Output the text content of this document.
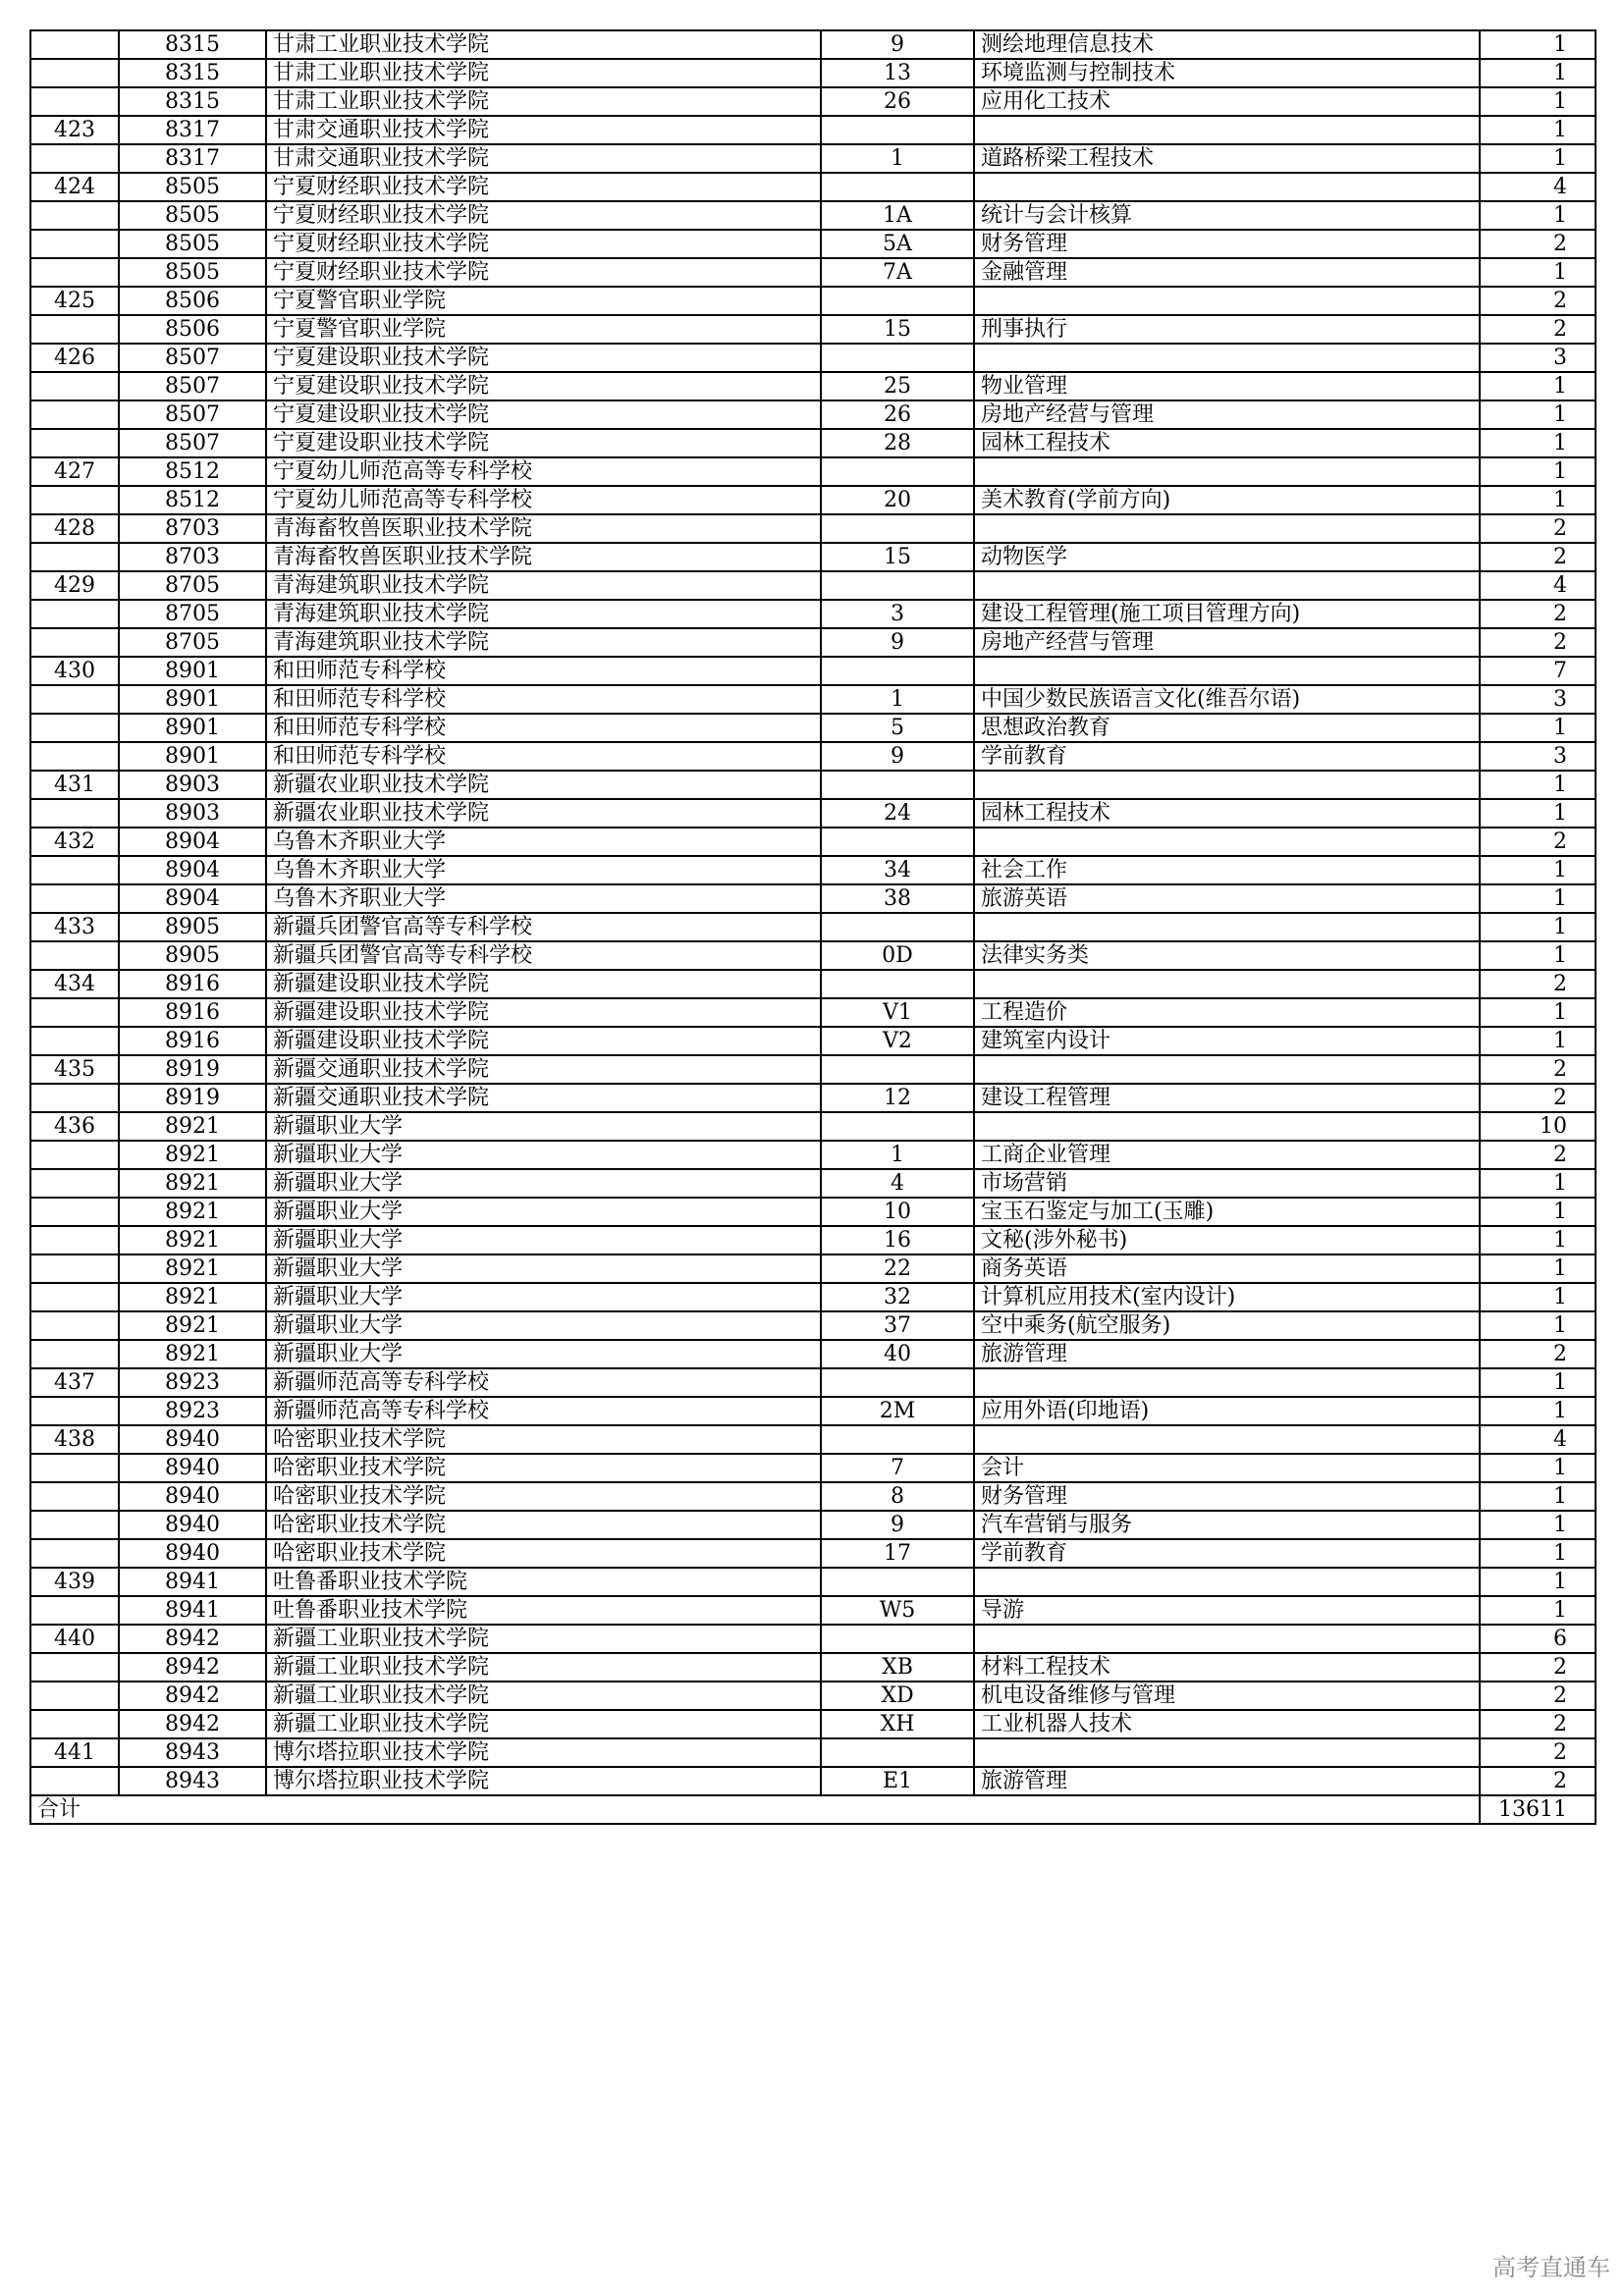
	8315	甘肃工业职业技术学院	9	测绘地理信息技术	1
	8315	甘肃工业职业技术学院	13	环境监测与控制技术	1
	8315	甘肃工业职业技术学院	26	应用化工技术	1
423	8317	甘肃交通职业技术学院			1
	8317	甘肃交通职业技术学院	1	道路桥梁工程技术	1
424	8505	宁夏财经职业技术学院			4
	8505	宁夏财经职业技术学院	1A	统计与会计核算	1
	8505	宁夏财经职业技术学院	5A	财务管理	2
	8505	宁夏财经职业技术学院	7A	金融管理	1
425	8506	宁夏警官职业学院			2
	8506	宁夏警官职业学院	15	刑事执行	2
426	8507	宁夏建设职业技术学院			3
	8507	宁夏建设职业技术学院	25	物业管理	1
	8507	宁夏建设职业技术学院	26	房地产经营与管理	1
	8507	宁夏建设职业技术学院	28	园林工程技术	1
427	8512	宁夏幼儿师范高等专科学校			1
	8512	宁夏幼儿师范高等专科学校	20	美术教育(学前方向)	1
428	8703	青海畜牧兽医职业技术学院			2
	8703	青海畜牧兽医职业技术学院	15	动物医学	2
429	8705	青海建筑职业技术学院			4
	8705	青海建筑职业技术学院	3	建设工程管理(施工项目管理方向)	2
	8705	青海建筑职业技术学院	9	房地产经营与管理	2
430	8901	和田师范专科学校			7
	8901	和田师范专科学校	1	中国少数民族语言文化(维吾尔语)	3
	8901	和田师范专科学校	5	思想政治教育	1
	8901	和田师范专科学校	9	学前教育	3
431	8903	新疆农业职业技术学院			1
	8903	新疆农业职业技术学院	24	园林工程技术	1
432	8904	乌鲁木齐职业大学			2
	8904	乌鲁木齐职业大学	34	社会工作	1
	8904	乌鲁木齐职业大学	38	旅游英语	1
433	8905	新疆兵团警官高等专科学校			1
	8905	新疆兵团警官高等专科学校	0D	法律实务类	1
434	8916	新疆建设职业技术学院			2
	8916	新疆建设职业技术学院	V1	工程造价	1
	8916	新疆建设职业技术学院	V2	建筑室内设计	1
435	8919	新疆交通职业技术学院			2
	8919	新疆交通职业技术学院	12	建设工程管理	2
436	8921	新疆职业大学			10
	8921	新疆职业大学	1	工商企业管理	2
	8921	新疆职业大学	4	市场营销	1
	8921	新疆职业大学	10	宝玉石鉴定与加工(玉雕)	1
	8921	新疆职业大学	16	文秘(涉外秘书)	1
	8921	新疆职业大学	22	商务英语	1
	8921	新疆职业大学	32	计算机应用技术(室内设计)	1
	8921	新疆职业大学	37	空中乘务(航空服务)	1
	8921	新疆职业大学	40	旅游管理	2
437	8923	新疆师范高等专科学校			1
	8923	新疆师范高等专科学校	2M	应用外语(印地语)	1
438	8940	哈密职业技术学院			4
	8940	哈密职业技术学院	7	会计	1
	8940	哈密职业技术学院	8	财务管理	1
	8940	哈密职业技术学院	9	汽车营销与服务	1
	8940	哈密职业技术学院	17	学前教育	1
439	8941	吐鲁番职业技术学院			1
	8941	吐鲁番职业技术学院	W5	导游	1
440	8942	新疆工业职业技术学院			6
	8942	新疆工业职业技术学院	XB	材料工程技术	2
	8942	新疆工业职业技术学院	XD	机电设备维修与管理	2
	8942	新疆工业职业技术学院	XH	工业机器人技术	2
441	8943	博尔塔拉职业技术学院			2
	8943	博尔塔拉职业技术学院	E1	旅游管理	2
合计					13611
高考直通车
